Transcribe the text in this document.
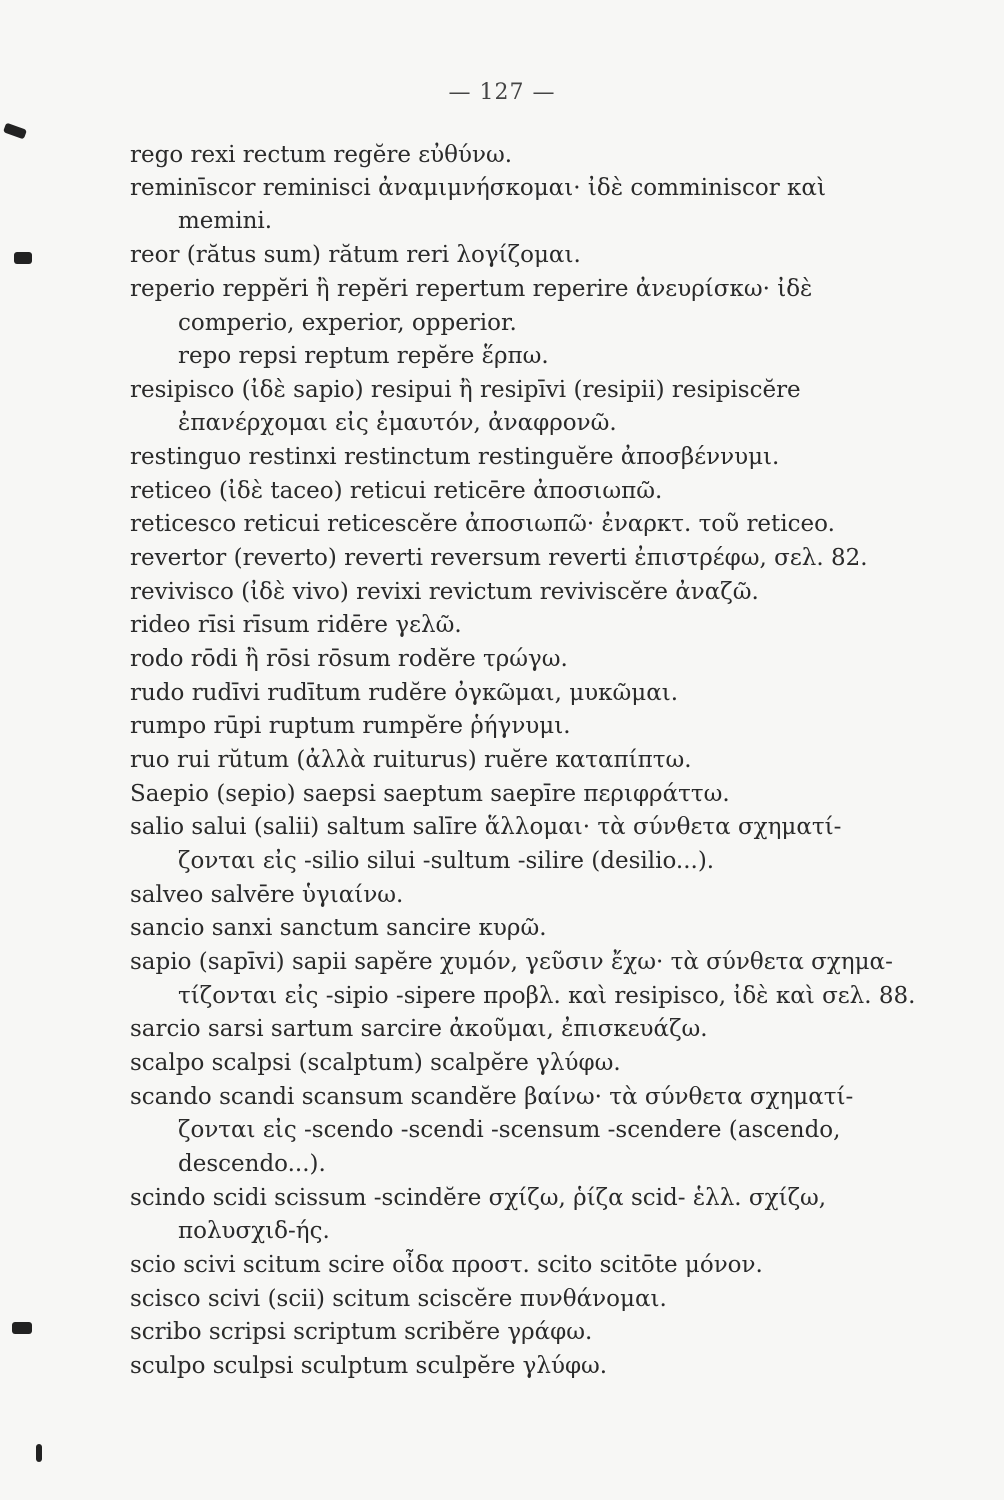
— 127 —
rego rexi rectum regĕre εὐθύνω.
reminīscor reminisci ἀναμιμνήσκομαι· ἰδὲ comminiscor καὶ
memini.
reor (rătus sum) rătum reri λογίζομαι.
reperio reppĕri ἢ repĕri repertum reperire ἀνευρίσκω· ἰδὲ
comperio, experior, opperior.
repo repsi reptum repĕre ἕρπω.
resipisco (ἰδὲ sapio) resipui ἢ resipīvi (resipii) resipiscĕre
ἐπανέρχομαι εἰς ἐμαυτόν, ἀναφρονῶ.
restinguo restinxi restinctum restinguĕre ἀποσβέννυμι.
reticeo (ἰδὲ taceo) reticui reticēre ἀποσιωπῶ.
reticesco reticui reticescĕre ἀποσιωπῶ· ἐναρκτ. τοῦ reticeo.
revertor (reverto) reverti reversum reverti ἐπιστρέφω, σελ. 82.
revivisco (ἰδὲ vivo) revixi revictum reviviscĕre ἀναζῶ.
rideo rīsi rīsum ridēre γελῶ.
rodo rōdi ἢ rōsi rōsum rodĕre τρώγω.
rudo rudīvi rudītum rudĕre ὀγκῶμαι, μυκῶμαι.
rumpo rūpi ruptum rumpĕre ῥήγνυμι.
ruo rui rŭtum (ἀλλὰ ruiturus) ruĕre καταπίπτω.
Saepio (sepio) saepsi saeptum saepīre περιφράττω.
salio salui (salii) saltum salīre ἅλλομαι· τὰ σύνθετα σχηματί-
ζονται εἰς -silio silui -sultum -silire (desilio...).
salveo salvēre ὑγιαίνω.
sancio sanxi sanctum sancire κυρῶ.
sapio (sapīvi) sapii sapĕre χυμόν, γεῦσιν ἔχω· τὰ σύνθετα σχημα-
τίζονται εἰς -sipio -sipere προβλ. καὶ resipisco, ἰδὲ καὶ σελ. 88.
sarcio sarsi sartum sarcire ἀκοῦμαι, ἐπισκευάζω.
scalpo scalpsi (scalptum) scalpĕre γλύφω.
scando scandi scansum scandĕre βαίνω· τὰ σύνθετα σχηματί-
ζονται εἰς -scendo -scendi -scensum -scendere (ascendo,
descendo...).
scindo scidi scissum -scindĕre σχίζω, ῥίζα scid- ἑλλ. σχίζω,
πολυσχιδ-ής.
scio scivi scitum scire οἶδα προστ. scito scitōte μόνον.
scisco scivi (scii) scitum sciscĕre πυνθάνομαι.
scribo scripsi scriptum scribĕre γράφω.
sculpo sculpsi sculptum sculpĕre γλύφω.
